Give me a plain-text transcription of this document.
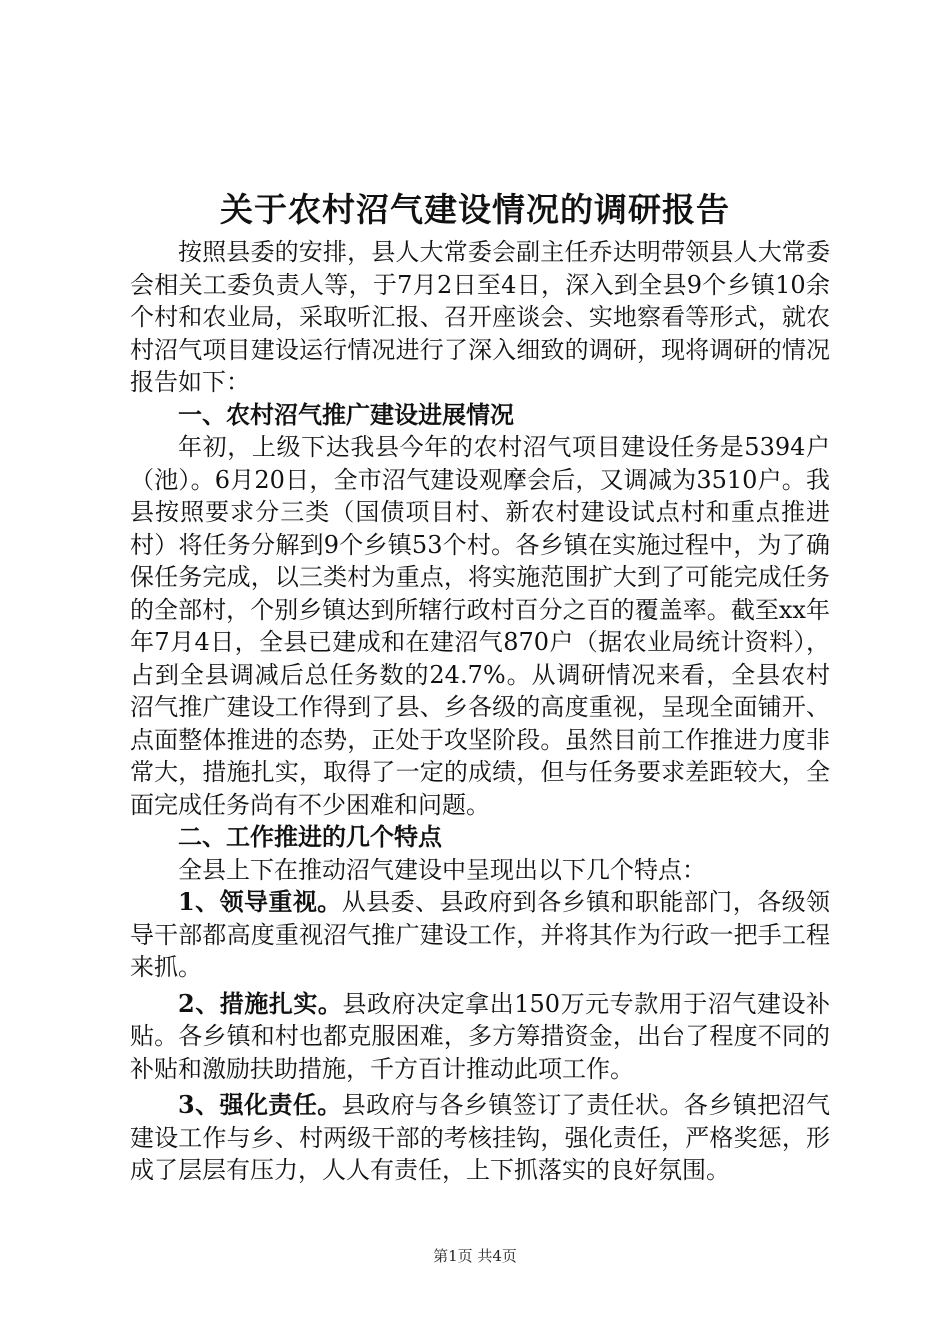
关于农村沼气建设情况的调研报告

按照县委的安排，县人大常委会副主任乔达明带领县人大常委会相关工委负责人等，于7月2日至4日，深入到全县9个乡镇10余个村和农业局，采取听汇报、召开座谈会、实地察看等形式，就农村沼气项目建设运行情况进行了深入细致的调研，现将调研的情况报告如下：

一、农村沼气推广建设进展情况

年初，上级下达我县今年的农村沼气项目建设任务是5394户（池）。6月20日，全市沼气建设观摩会后，又调减为3510户。我县按照要求分三类（国债项目村、新农村建设试点村和重点推进村）将任务分解到9个乡镇53个村。各乡镇在实施过程中，为了确保任务完成，以三类村为重点，将实施范围扩大到了可能完成任务的全部村，个别乡镇达到所辖行政村百分之百的覆盖率。截至xx年年7月4日，全县已建成和在建沼气870户（据农业局统计资料），占到全县调减后总任务数的24.7%。从调研情况来看，全县农村沼气推广建设工作得到了县、乡各级的高度重视，呈现全面铺开、点面整体推进的态势，正处于攻坚阶段。虽然目前工作推进力度非常大，措施扎实，取得了一定的成绩，但与任务要求差距较大，全面完成任务尚有不少困难和问题。

二、工作推进的几个特点

全县上下在推动沼气建设中呈现出以下几个特点：

1、领导重视。从县委、县政府到各乡镇和职能部门，各级领导干部都高度重视沼气推广建设工作，并将其作为行政一把手工程来抓。

2、措施扎实。县政府决定拿出150万元专款用于沼气建设补贴。各乡镇和村也都克服困难，多方筹措资金，出台了程度不同的补贴和激励扶助措施，千方百计推动此项工作。

3、强化责任。县政府与各乡镇签订了责任状。各乡镇把沼气建设工作与乡、村两级干部的考核挂钩，强化责任，严格奖惩，形成了层层有压力，人人有责任，上下抓落实的良好氛围。

第1页 共4页
